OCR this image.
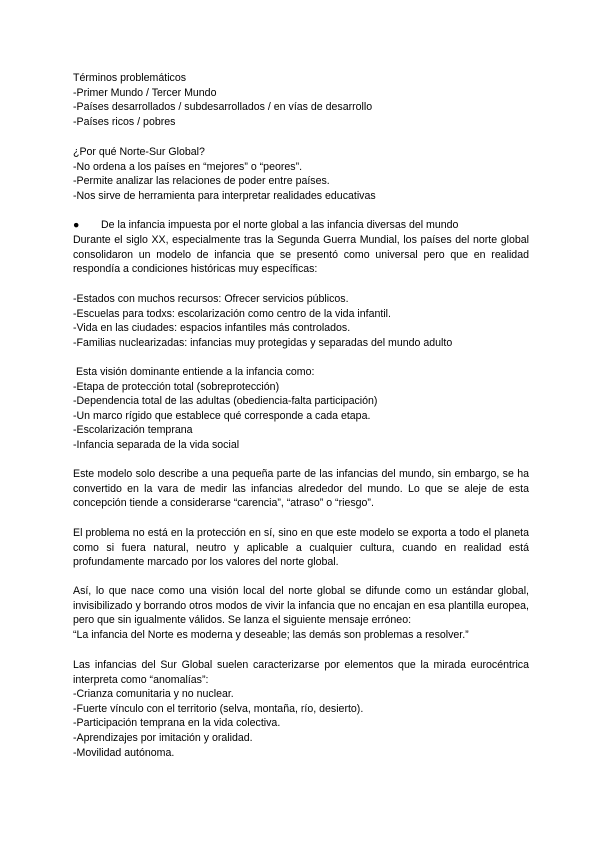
Términos problemáticos

-Primer Mundo / Tercer Mundo

-Países desarrollados / subdesarrollados / en vías de desarrollo

-Países ricos / pobres

¿Por qué Norte-Sur Global?

-No ordena a los países en “mejores” o “peores”.

-Permite analizar las relaciones de poder entre países.

-Nos sirve de herramienta para interpretar realidades educativas

● De la infancia impuesta por el norte global a las infancia diversas del mundo

Durante el siglo XX, especialmente tras la Segunda Guerra Mundial, los países del norte global consolidaron un modelo de infancia que se presentó como universal pero que en realidad respondía a condiciones históricas muy específicas:

-Estados con muchos recursos: Ofrecer servicios públicos.

-Escuelas para todxs: escolarización como centro de la vida infantil.

-Vida en las ciudades: espacios infantiles más controlados.

-Familias nuclearizadas: infancias muy protegidas y separadas del mundo adulto

Esta visión dominante entiende a la infancia como:

-Etapa de protección total (sobreprotección)

-Dependencia total de las adultas (obediencia-falta participación)

-Un marco rígido que establece qué corresponde a cada etapa.

-Escolarización temprana

-Infancia separada de la vida social

Este modelo solo describe a una pequeña parte de las infancias del mundo, sin embargo, se ha convertido en la vara de medir las infancias alrededor del mundo. Lo que se aleje de esta concepción tiende a considerarse “carencia”, “atraso” o “riesgo”.

El problema no está en la protección en sí, sino en que este modelo se exporta a todo el planeta como si fuera natural, neutro y aplicable a cualquier cultura, cuando en realidad está profundamente marcado por los valores del norte global.

Así, lo que nace como una visión local del norte global se difunde como un estándar global, invisibilizado y borrando otros modos de vivir la infancia que no encajan en esa plantilla europea, pero que sin igualmente válidos. Se lanza el siguiente mensaje erróneo:

“La infancia del Norte es moderna y deseable; las demás son problemas a resolver.”

Las infancias del Sur Global suelen caracterizarse por elementos que la mirada eurocéntrica interpreta como “anomalías”:

-Crianza comunitaria y no nuclear.

-Fuerte vínculo con el territorio (selva, montaña, río, desierto).

-Participación temprana en la vida colectiva.

-Aprendizajes por imitación y oralidad.

-Movilidad autónoma.
